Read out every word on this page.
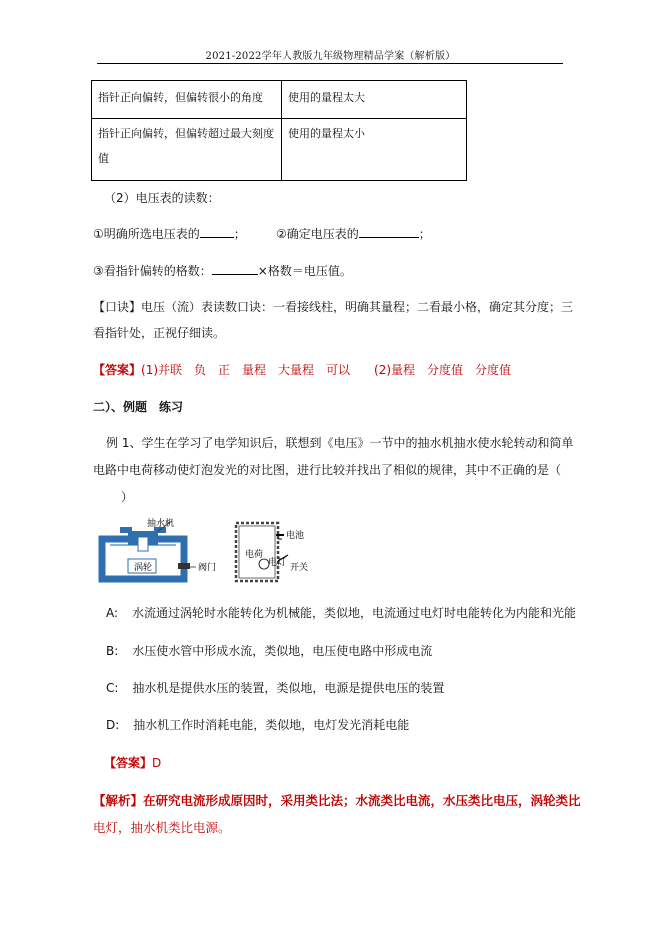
2021-2022学年人教版九年级物理精品学案（解析版）
指针正向偏转，但偏转很小的角度	使用的量程太大

指针正向偏转，但偏转超过最大刻度
值	使用的量程太小
（2）电压表的读数：
①明确所选电压表的	；	②确定电压表的	；
③看指针偏转的格数：	×格数＝电压值。
【口诀】电压（流）表读数口诀：一看接线柱，明确其量程；二看最小格，确定其分度；三
看指针处，正视仔细读。
【答案】(1)并联　负　正　量程　大量程　可以　　(2)量程　分度值　分度值
二）、例题　练习
例 1、学生在学习了电学知识后，联想到《电压》一节中的抽水机抽水使水轮转动和简单
电路中电荷移动使灯泡发光的对比图，进行比较并找出了相似的规律，其中不正确的是（
）
抽水机
涡轮	阀门
电池
电荷
电灯 开关
A: 水流通过涡轮时水能转化为机械能，类似地，电流通过电灯时电能转化为内能和光能
B: 水压使水管中形成水流，类似地，电压使电路中形成电流
C: 抽水机是提供水压的装置，类似地，电源是提供电压的装置
D: 抽水机工作时消耗电能，类似地，电灯发光消耗电能
【答案】D
【解析】在研究电流形成原因时，采用类比法；水流类比电流，水压类比电压，涡轮类比
电灯，抽水机类比电源。
